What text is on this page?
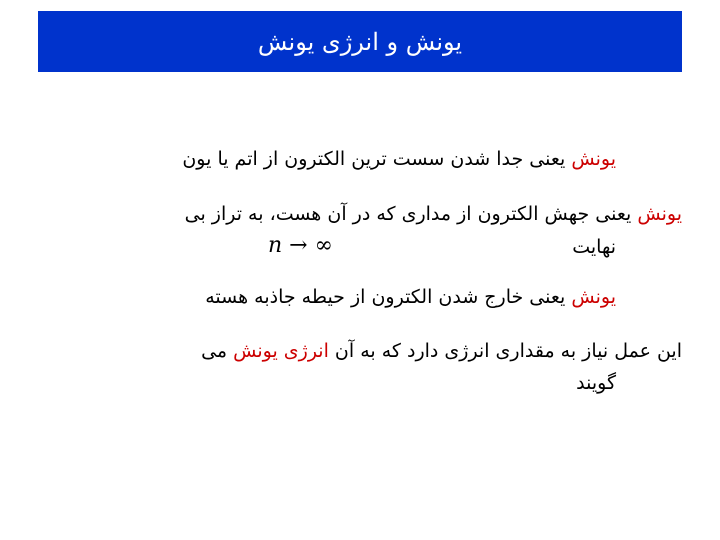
یونش و انرژی یونش
یونش یعنی جدا شدن سست ترین الکترون از اتم یا یون
یونش یعنی جهش الکترون از مداری که در آن هست، به تراز بی
نهایت
n → ∞
یونش یعنی خارج شدن الکترون از حیطه جاذبه هسته
این عمل نیاز به مقداری انرژی دارد که به آن انرژی یونش می
گویند
